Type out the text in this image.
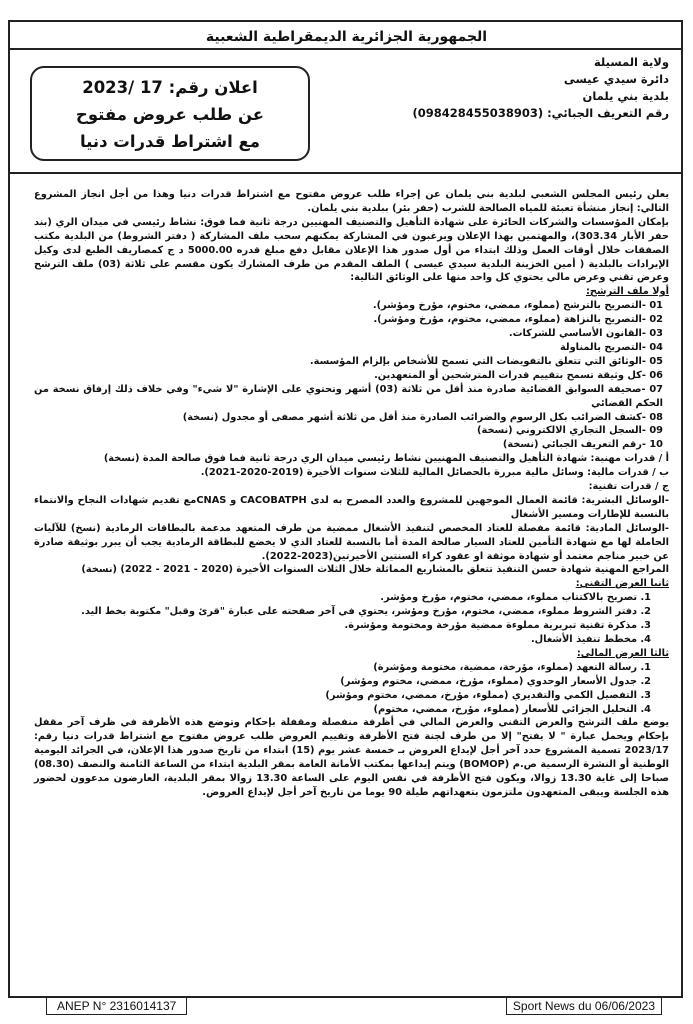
الجمهورية الجزائرية الديمقراطية الشعبية
ولاية المسيلة
دائرة سيدي عيسى
بلدية بني يلمان
رقم التعريف الجبائي: (098428455038903)
اعلان رقم: 17 /2023
عن طلب عروض مفتوح
مع اشتراط قدرات دنيا

يعلن رئيس المجلس الشعبي لبلدية بني يلمان عن إجراء طلب عروض مفتوح مع اشتراط قدرات دنيا وهذا من أجل انجاز المشروع التالي: إنجاز منشأة تعبئة للمياه الصالحة للشرب (حفر بئر) ببلدية بني يلمان.

بإمكان المؤسسات والشركات الحائزة على شهادة التأهيل والتصنيف المهنيين درجة ثانية فما فوق: نشاط رئيسي في ميدان الري (بند حفر الأبار 303.34)، والمهتمين بهذا الإعلان ويرغبون في المشاركة يمكنهم سحب ملف المشاركة ( دفتر الشروط) من البلدية مكتب الصفقات خلال أوقات العمل وذلك ابتداء من أول صدور هذا الإعلان مقابل دفع مبلغ قدره 5000.00 د ج كمصاريف الطبع لدى وكيل الإيرادات بالبلدية ( أمين الخزينة البلدية سيدي عيسى ) الملف المقدم من طرف المشارك يكون مقسم على ثلاثة (03) ملف الترشح وعرض تقني وعرض مالي يحتوي كل واحد منها على الوثائق التالية:

أولا ملف الترشح:

01 -التصريح بالترشح (مملوء، ممضي، مختوم، مؤرخ ومؤشر).

02 -التصريح بالنزاهة (مملوء، ممضي، مختوم، مؤرخ ومؤشر).

03 -القانون الأساسي للشركات.

04 -التصريح بالمناولة

05 -الوثائق التي تتعلق بالتفويضات التي تسمح للأشخاص بإلزام المؤسسة.

06 -كل وثيقة تسمح بتقييم قدرات المترشحين أو المتعهدين.

07 -صحيفة السوابق القضائية صادرة منذ أقل من ثلاثة (03) أشهر وتحتوي على الإشارة "لا شيء" وفي خلاف ذلك إرفاق نسخة من الحكم القضائي

08 -كشف الضرائب بكل الرسوم والضرائب الصادرة منذ أقل من ثلاثة أشهر مصفى أو مجدول (نسخة)

09 -السجل التجاري الالكتروني (نسخة)

10 -رقم التعريف الجبائي (نسخة)

أ / قدرات مهنية: شهادة التأهيل والتصنيف المهنيين نشاط رئيسي ميدان الري درجة ثانية فما فوق صالحة المدة (نسخة)

ب / قدرات مالية: وسائل مالية مبررة بالحصائل المالية للثلاث سنوات الأخيرة (2019-2020-2021).

ج / قدرات تقنية:

-الوسائل البشرية: قائمة العمال الموجهين للمشروع والعدد المصرح به لدى CACOBATPH و CNASمع تقديم شهادات النجاح والانتماء بالنسبة للإطارات ومسير الأشغال

-الوسائل المادية: قائمة مفصلة للعتاد المخصص لتنفيذ الأشغال ممضية من طرف المتعهد مدعمة بالبطاقات الرمادية (نسخ) للآليات الحاملة لها مع شهادة التأمين للعتاد السيار صالحة المدة أما بالنسبة للعتاد الذي لا يخضع للبطاقة الرمادية يجب أن يبرر بوثيقة صادرة عن خبير مناجم معتمد أو شهادة موثقة او عقود كراء السنتين الأخيرتين(2023-2022).

المراجع المهنية شهادة حسن التنفيذ تتعلق بالمشاريع المماثلة خلال الثلاث السنوات الأخيرة (2020 - 2021 - 2022) (نسخة)

ثانيا العرض التقني:

1. تصريح بالاكتتاب مملوء، ممضي، مختوم، مؤرخ ومؤشر.

2. دفتر الشروط مملوء، ممضي، مختوم، مؤرخ ومؤشر، يحتوي في آخر صفحته على عبارة "قرئ وقبل" مكتوبة بخط اليد.

3. مذكرة تقنية تبريرية مملوءة ممضية مؤرخة ومختومة ومؤشرة.

4. مخطط تنفيذ الأشغال.

ثالثا العرض المالي:

1. رسالة التعهد (مملوء، مؤرخة، ممضية، مختومة ومؤشرة)

2. جدول الأسعار الوحدوي (مملوء، مؤرخ، ممضي، مختوم ومؤشر)

3. التفصيل الكمي والتقديري (مملوء، مؤرخ، ممضي، مختوم ومؤشر)

4. التحليل الجزائي للأسعار (مملوء، مؤرخ، ممضي، مختوم)

يوضع ملف الترشح والعرض التقني والعرض المالي في أظرفة منفصلة ومقفلة بإحكام وتوضع هذه الأظرفة في ظرف آخر مقفل بإحكام ويحمل عبارة " لا يفتح" إلا من طرف لجنة فتح الأظرفة وتقييم العروض طلب عروض مفتوح مع اشتراط قدرات دنيا رقم: 2023/17 تسمية المشروع حدد آخر أجل لإيداع العروض بـ خمسة عشر يوم (15) ابتداء من تاريخ صدور هذا الإعلان، في الجرائد اليومية الوطنية أو النشرة الرسمية ص.م (BOMOP) ويتم إيداعها بمكتب الأمانة العامة بمقر البلدية ابتداء من الساعة الثامنة والنصف (08.30) صباحا إلى غاية 13.30 زوالا، ويكون فتح الأظرفة في نفس اليوم على الساعة 13.30 زوالا بمقر البلدية، العارضون مدعوون لحضور هذه الجلسة ويبقى المتعهدون ملتزمون بتعهداتهم طيلة 90 يوما من تاريخ آخر أجل لإيداع العروض.

ANEP N° 2316014137	Sport News du 06/06/2023
